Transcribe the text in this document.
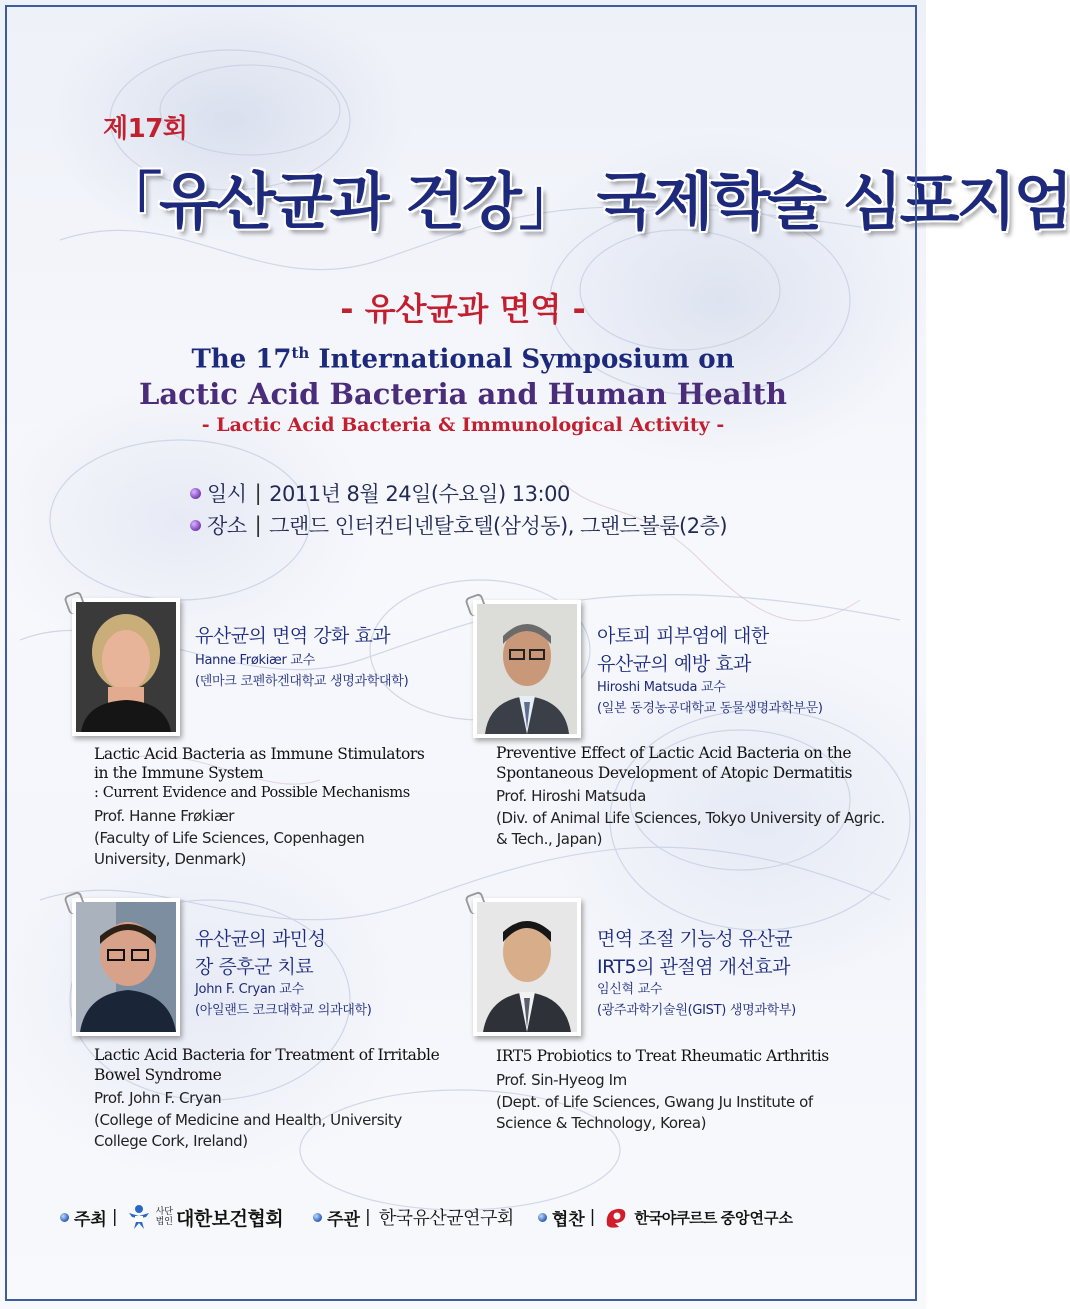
제17회
「유산균과 건강」 국제학술 심포지엄
- 유산균과 면역 -
The 17th International Symposium on
Lactic Acid Bacteria and Human Health
- Lactic Acid Bacteria & Immunological Activity -
일시 | 2011년 8월 24일(수요일) 13:00
장소 | 그랜드 인터컨티넨탈호텔(삼성동), 그랜드볼룸(2층)
유산균의 면역 강화 효과
Hanne Frøkiær 교수
(덴마크 코펜하겐대학교 생명과학대학)
Lactic Acid Bacteria as Immune Stimulators
in the Immune System
: Current Evidence and Possible Mechanisms
Prof. Hanne Frøkiær
(Faculty of Life Sciences, Copenhagen
University, Denmark)
아토피 피부염에 대한
유산균의 예방 효과
Hiroshi Matsuda 교수
(일본 동경농공대학교 동물생명과학부문)
Preventive Effect of Lactic Acid Bacteria on the
Spontaneous Development of Atopic Dermatitis
Prof. Hiroshi Matsuda
(Div. of Animal Life Sciences, Tokyo University of Agric.
& Tech., Japan)
유산균의 과민성
장 증후군 치료
John F. Cryan 교수
(아일랜드 코크대학교 의과대학)
Lactic Acid Bacteria for Treatment of Irritable
Bowel Syndrome
Prof. John F. Cryan
(College of Medicine and Health, University
College Cork, Ireland)
면역 조절 기능성 유산균
IRT5의 관절염 개선효과
임신혁 교수
(광주과학기술원(GIST) 생명과학부)
IRT5 Probiotics to Treat Rheumatic Arthritis
Prof. Sin-Hyeog Im
(Dept. of Life Sciences, Gwang Ju Institute of
Science & Technology, Korea)
주최 |	사단
법인 대한보건협회	주관 | 한국유산균연구회 협찬 |	한국야쿠르트 중앙연구소
